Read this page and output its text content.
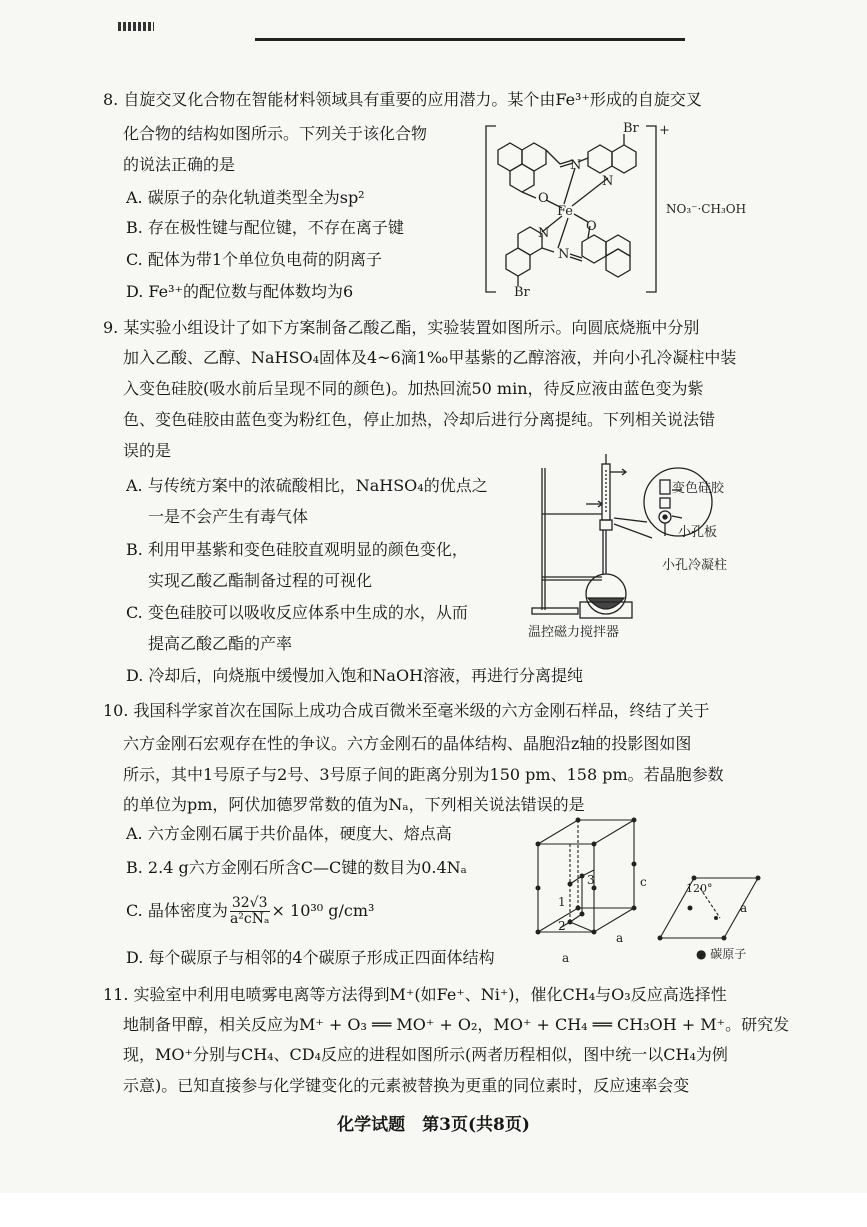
8. 自旋交叉化合物在智能材料领域具有重要的应用潜力。某个由Fe³⁺形成的自旋交叉
化合物的结构如图所示。下列关于该化合物
的说法正确的是
A. 碳原子的杂化轨道类型全为sp²
B. 存在极性键与配位键，不存在离子键
C. 配体为带1个单位负电荷的阴离子
D. Fe³⁺的配位数与配体数均为6
Br
Br
Fe
N
N
N
N
O
O
+
NO₃⁻·CH₃OH
9. 某实验小组设计了如下方案制备乙酸乙酯，实验装置如图所示。向圆底烧瓶中分别
加入乙酸、乙醇、NaHSO₄固体及4~6滴1‰甲基紫的乙醇溶液，并向小孔冷凝柱中装
入变色硅胶(吸水前后呈现不同的颜色)。加热回流50 min，待反应液由蓝色变为紫
色、变色硅胶由蓝色变为粉红色，停止加热，冷却后进行分离提纯。下列相关说法错
误的是
A. 与传统方案中的浓硫酸相比，NaHSO₄的优点之
一是不会产生有毒气体
B. 利用甲基紫和变色硅胶直观明显的颜色变化，
实现乙酸乙酯制备过程的可视化
C. 变色硅胶可以吸收反应体系中生成的水，从而
提高乙酸乙酯的产率
D. 冷却后，向烧瓶中缓慢加入饱和NaOH溶液，再进行分离提纯
变色硅胶
小孔板
小孔冷凝柱
温控磁力搅拌器
10. 我国科学家首次在国际上成功合成百微米至毫米级的六方金刚石样品，终结了关于
六方金刚石宏观存在性的争议。六方金刚石的晶体结构、晶胞沿z轴的投影图如图
所示，其中1号原子与2号、3号原子间的距离分别为150 pm、158 pm。若晶胞参数
的单位为pm，阿伏加德罗常数的值为Nₐ，下列相关说法错误的是
A. 六方金刚石属于共价晶体，硬度大、熔点高
B. 2.4 g六方金刚石所含C—C键的数目为0.4Nₐ
C. 晶体密度为 $\frac{32√3}{\text{a²cNₐ}} \times 10^{30}$ g/cm³
D. 每个碳原子与相邻的4个碳原子形成正四面体结构
c
a
a
a
1
2
3
120°
● 碳原子
11. 实验室中利用电喷雾电离等方法得到M⁺(如Fe⁺、Ni⁺)，催化CH₄与O₃反应高选择性
地制备甲醇，相关反应为M⁺ + O₃ ══ MO⁺ + O₂，MO⁺ + CH₄ ══ CH₃OH + M⁺。研究发
现，MO⁺分别与CH₄、CD₄反应的进程如图所示(两者历程相似，图中统一以CH₄为例
示意)。已知直接参与化学键变化的元素被替换为更重的同位素时，反应速率会变
化学试题　第3页(共8页)
